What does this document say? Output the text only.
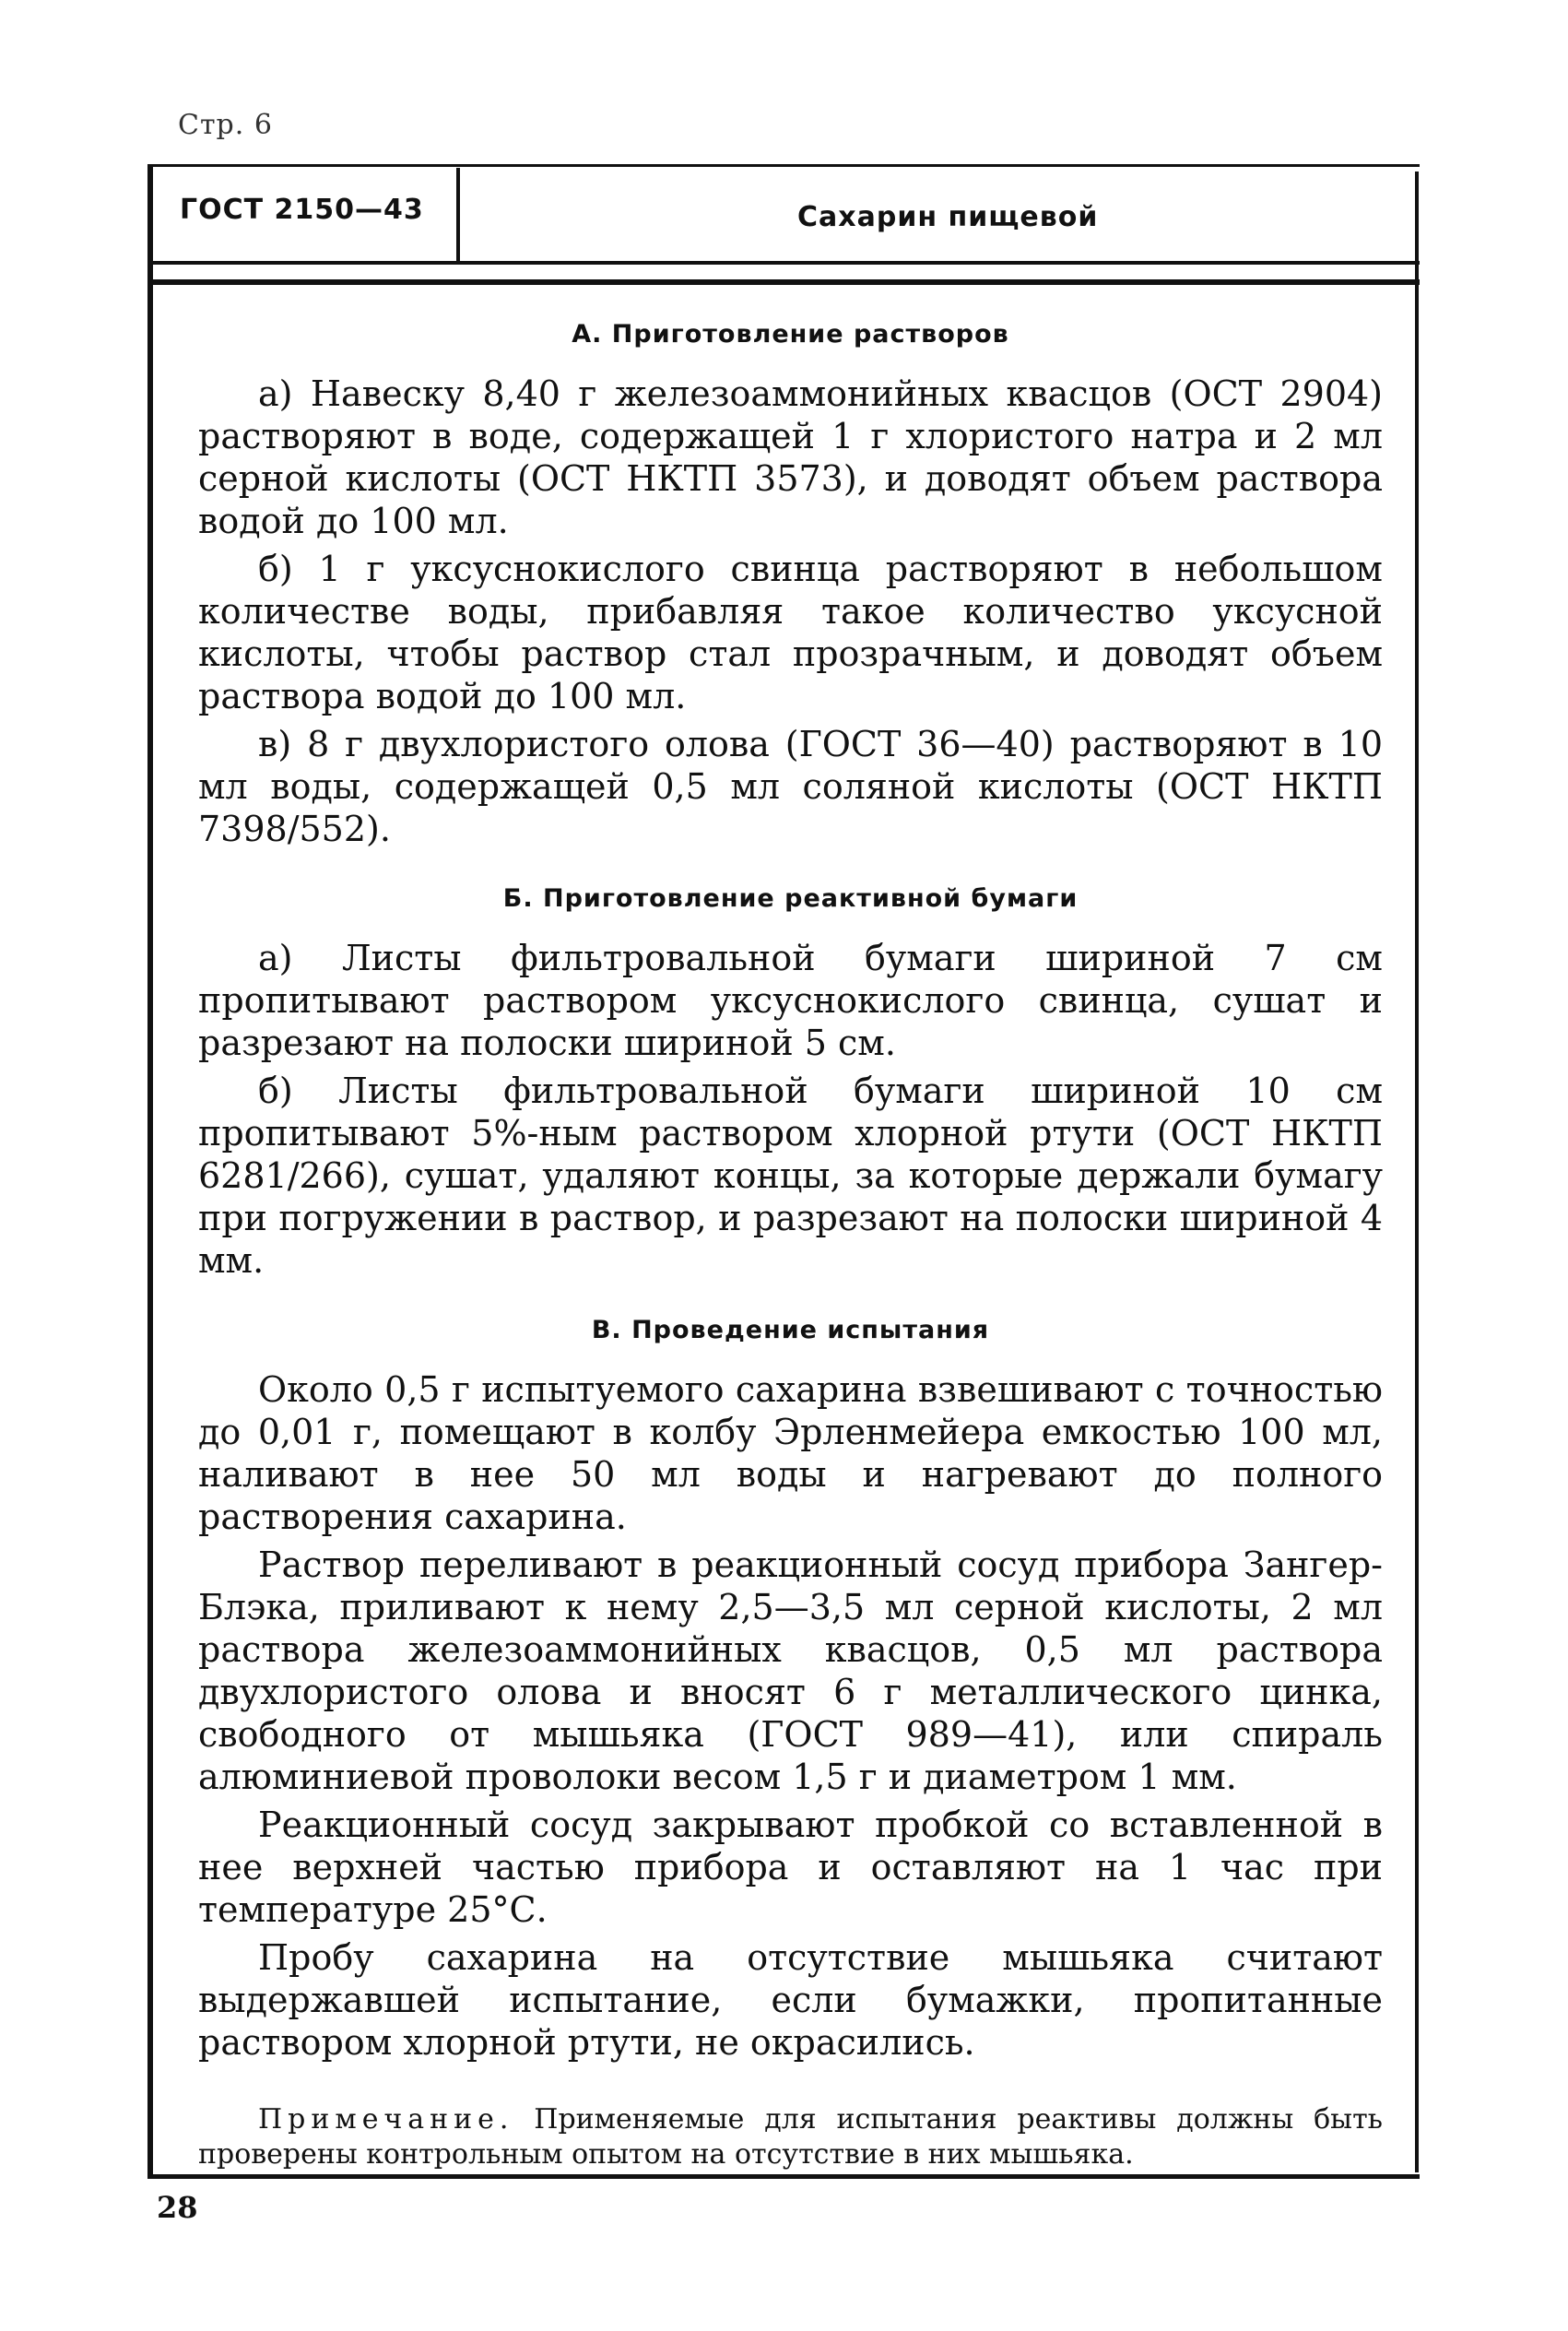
Стр. 6
ГОСТ 2150—43	Сахарин пищевой
А. Приготовление растворов

а) Навеску 8,40 г железоаммонийных квасцов (ОСТ 2904) растворяют в воде, содержащей 1 г хлористого натра и 2 мл серной кислоты (ОСТ НКТП 3573), и доводят объем раствора водой до 100 мл.

б) 1 г уксуснокислого свинца растворяют в небольшом количестве воды, прибавляя такое количество уксусной кислоты, чтобы раствор стал прозрачным, и доводят объем раствора водой до 100 мл.

в) 8 г двухлористого олова (ГОСТ 36—40) растворяют в 10 мл воды, содержащей 0,5 мл соляной кислоты (ОСТ НКТП 7398/552).

Б. Приготовление реактивной бумаги

а) Листы фильтровальной бумаги шириной 7 см пропитывают раствором уксуснокислого свинца, сушат и разрезают на полоски шириной 5 см.

б) Листы фильтровальной бумаги шириной 10 см пропитывают 5%-ным раствором хлорной ртути (ОСТ НКТП 6281/266), сушат, удаляют концы, за которые держали бумагу при погружении в раствор, и разрезают на полоски шириной 4 мм.

В. Проведение испытания

Около 0,5 г испытуемого сахарина взвешивают с точностью до 0,01 г, помещают в колбу Эрленмейера емкостью 100 мл, наливают в нее 50 мл воды и нагревают до полного растворения сахарина.

Раствор переливают в реакционный сосуд прибора Зангер-Блэка, приливают к нему 2,5—3,5 мл серной кислоты, 2 мл раствора железоаммонийных квасцов, 0,5 мл раствора двухлористого олова и вносят 6 г металлического цинка, свободного от мышьяка (ГОСТ 989—41), или спираль алюминиевой проволоки весом 1,5 г и диаметром 1 мм.

Реакционный сосуд закрывают пробкой со вставленной в нее верхней частью прибора и оставляют на 1 час при температуре 25°С.

Пробу сахарина на отсутствие мышьяка считают выдержавшей испытание, если бумажки, пропитанные раствором хлорной ртути, не окрасились.

Примечание. Применяемые для испытания реактивы должны быть проверены контрольным опытом на отсутствие в них мышьяка.

28
